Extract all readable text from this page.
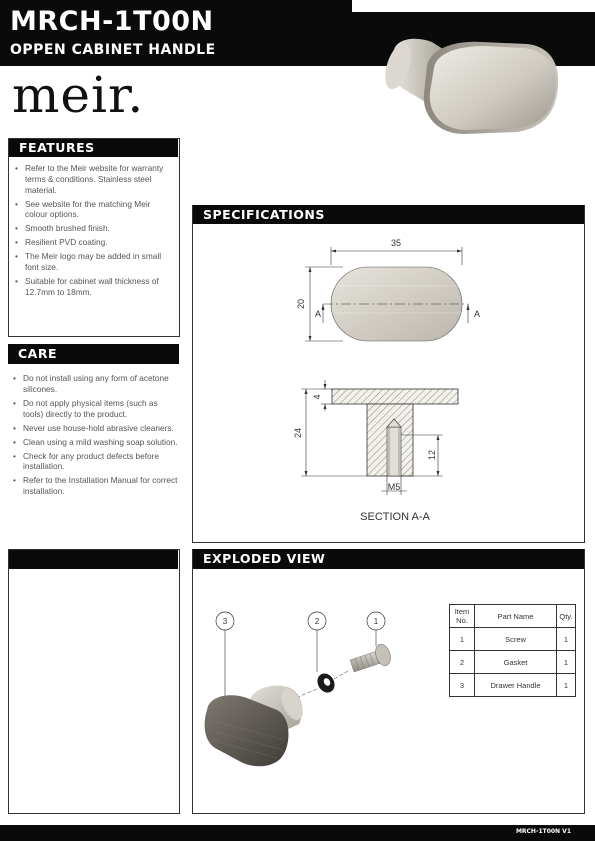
MRCH-1T00N
OPPEN CABINET HANDLE
meir.
FEATURES
• Refer to the Meir website for warranty terms & conditions. Stainless steel material.
• See website for the matching Meir colour options.
• Smooth brushed finish.
• Resilient PVD coating.
• The Meir logo may be added in small font size.
• Suitable for cabinet wall thickness of 12.7mm to 18mm.
CARE
• Do not install using any form of acetone silicones.
• Do not apply physical items (such as tools) directly to the product.
• Never use house-hold abrasive cleaners.
• Clean using a mild washing soap solution.
• Check for any product defects before installation.
• Refer to the Installation Manual for correct installation.
SPECIFICATIONS
35
20
A	A
4
24
12
M5
SECTION A-A
EXPLODED VIEW
3	2	1
Item No.	Part Name	Qty.
1	Screw	1
2	Gasket	1
3	Drawer Handle	1
MRCH-1T00N V1
